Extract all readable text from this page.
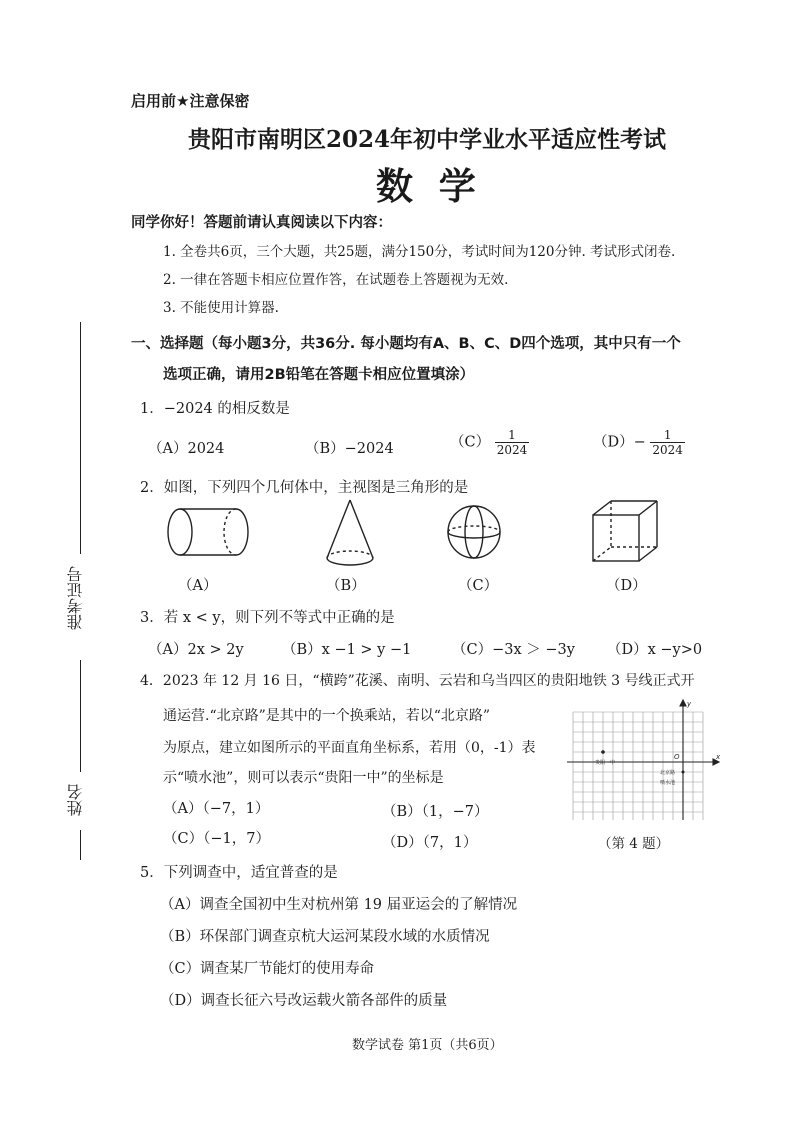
启用前★注意保密
贵阳市南明区2024年初中学业水平适应性考试
数  学
同学你好！答题前请认真阅读以下内容：
1. 全卷共6页，三个大题，共25题，满分150分，考试时间为120分钟. 考试形式闭卷.
2. 一律在答题卡相应位置作答，在试题卷上答题视为无效.
3. 不能使用计算器.
准考证号
姓名
一、选择题（每小题3分，共36分. 每小题均有A、B、C、D四个选项，其中只有一个
选项正确，请用2B铅笔在答题卡相应位置填涂）
1．−2024 的相反数是
（A）2024	（B）−2024	$(C) \frac{1}{2024}$	$(D)- \frac{1}{2024}$
2．如图，下列四个几何体中，主视图是三角形的是
（A）	（B）	（C）	（D）
3．若 x < y，则下列不等式中正确的是
（A）2x > 2y	（B）x −1 > y −1	（C）−3x ＞ −3y （D）x −y>0
4．2023 年 12 月 16 日，“横跨”花溪、南明、云岩和乌当四区的贵阳地铁 3 号线正式开
通运营.“北京路”是其中的一个换乘站，若以“北京路”
为原点，建立如图所示的平面直角坐标系，若用（0，-1）表
示“喷水池”，则可以表示“贵阳一中”的坐标是
（A）（−7，1）	（B）（1，−7）
（C）（−1，7）	（D）（7，1）
x
y
O
贵阳一中
北京路
喷水池
（第 4 题）
5．下列调查中，适宜普查的是
（A）调查全国初中生对杭州第 19 届亚运会的了解情况
（B）环保部门调查京杭大运河某段水域的水质情况
（C）调查某厂节能灯的使用寿命
（D）调查长征六号改运载火箭各部件的质量
数学试卷 第1页（共6页）
